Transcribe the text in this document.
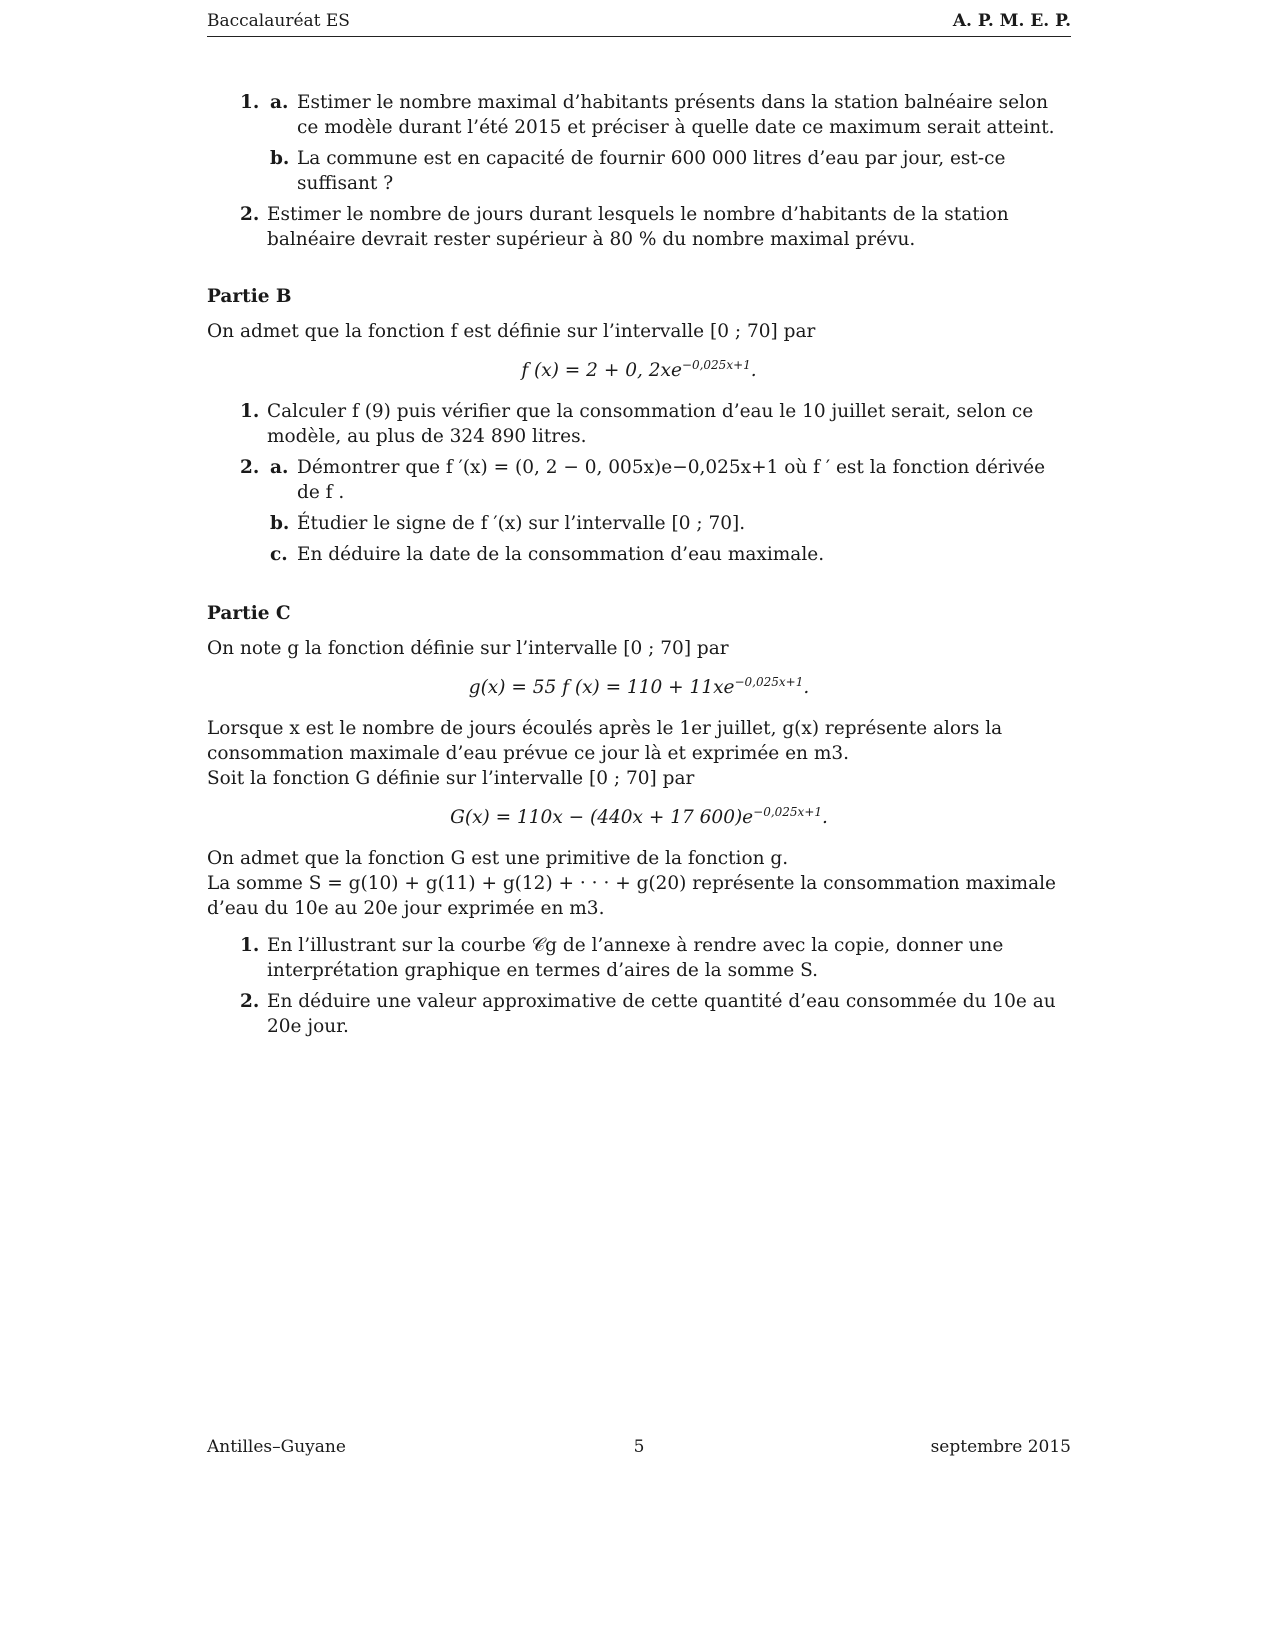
Baccalauréat ES	A. P. M. E. P.
1. a. Estimer le nombre maximal d’habitants présents dans la station balnéaire selon ce modèle durant l’été 2015 et préciser à quelle date ce maximum serait atteint.

b. La commune est en capacité de fournir 600 000 litres d’eau par jour, est-ce suffisant ?

2. Estimer le nombre de jours durant lesquels le nombre d’habitants de la station balnéaire devrait rester supérieur à 80 % du nombre maximal prévu.

Partie B

On admet que la fonction f est définie sur l’intervalle [0 ; 70] par

f (x) = 2 + 0, $2xe^{-0,025x+1}$.
1. Calculer f (9) puis vérifier que la consommation d’eau le 10 juillet serait, selon ce modèle, au plus de 324 890 litres.

2. a. Démontrer que f ′(x) = (0, 2 − 0, 005x)e−0,025x+1 où f ′ est la fonction dérivée de f .

b. Étudier le signe de f ′(x) sur l’intervalle [0 ; 70].

c. En déduire la date de la consommation d’eau maximale.

Partie C

On note g la fonction définie sur l’intervalle [0 ; 70] par

g(x) = 55 f $(x) = 110 + 11xe^{-0,025x+1}$.

Lorsque x est le nombre de jours écoulés après le 1er juillet, g(x) représente alors la consommation maximale d’eau prévue ce jour là et exprimée en m3.

Soit la fonction G définie sur l’intervalle [0 ; 70] par

G(x) = 110x − (440x + 17 $600)e^{-0,025x+1}$.

On admet que la fonction G est une primitive de la fonction g.

La somme S = g(10) + g(11) + g(12) + · · · + g(20) représente la consommation maximale d’eau du 10e au 20e jour exprimée en m3.

1. En l’illustrant sur la courbe 𝒞g de l’annexe à rendre avec la copie, donner une interprétation graphique en termes d’aires de la somme S.

2. En déduire une valeur approximative de cette quantité d’eau consommée du 10e au 20e jour.

Antilles–Guyane	5	septembre 2015
